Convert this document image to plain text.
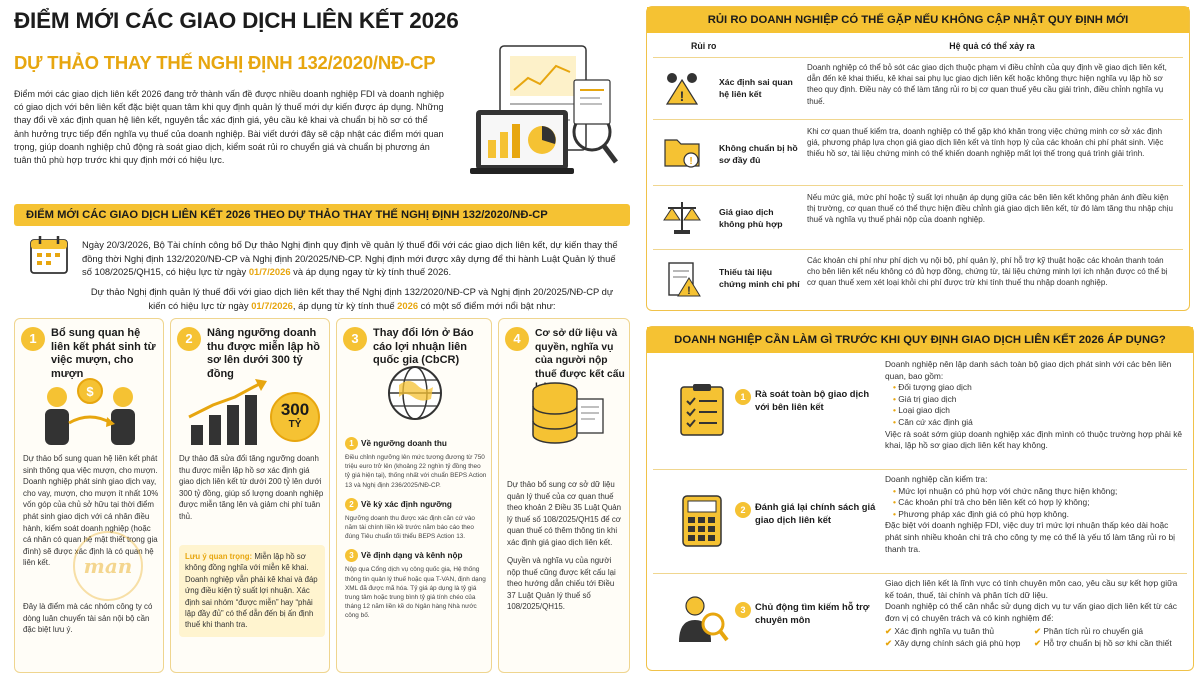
ĐIỂM MỚI CÁC GIAO DỊCH LIÊN KẾT 2026
DỰ THẢO THAY THẾ NGHỊ ĐỊNH 132/2020/NĐ-CP
Điểm mới các giao dịch liên kết 2026 đang trở thành vấn đề được nhiều doanh nghiệp FDI và doanh nghiệp có giao dịch với bên liên kết đặc biệt quan tâm khi quy định quản lý thuế mới dự kiến được áp dụng. Những thay đổi về xác định quan hệ liên kết, nguyên tắc xác định giá, yêu cầu kê khai và chuẩn bị hồ sơ có thể ảnh hưởng trực tiếp đến nghĩa vụ thuế của doanh nghiệp. Bài viết dưới đây sẽ cập nhật các điểm mới quan trọng, giúp doanh nghiệp chủ động rà soát giao dịch, kiểm soát rủi ro chuyển giá và chuẩn bị phương án tuân thủ phù hợp trước khi quy định mới có hiệu lực.
ĐIỂM MỚI CÁC GIAO DỊCH LIÊN KẾT 2026 THEO DỰ THẢO THAY THẾ NGHỊ ĐỊNH 132/2020/NĐ-CP
Ngày 20/3/2026, Bộ Tài chính công bố Dự thảo Nghị định quy định về quản lý thuế đối với các giao dịch liên kết, dự kiến thay thế đồng thời Nghị định 132/2020/NĐ-CP và Nghị định 20/2025/NĐ-CP. Nghị định mới được xây dựng để thi hành Luật Quản lý thuế số 108/2025/QH15, có hiệu lực từ ngày 01/7/2026 và áp dụng ngay từ kỳ tính thuế 2026.
Dự thảo Nghị định quản lý thuế đối với giao dịch liên kết thay thế Nghị định 132/2020/NĐ-CP và Nghị định 20/2025/NĐ-CP dự kiến có hiệu lực từ ngày 01/7/2026, áp dụng từ kỳ tính thuế 2026 có một số điểm mới nổi bật như:
1	Bổ sung quan hệ liên kết phát sinh từ việc mượn, cho mượn
$
Dự thảo bổ sung quan hệ liên kết phát sinh thông qua việc mượn, cho mượn. Doanh nghiệp phát sinh giao dịch vay, cho vay, mượn, cho mượn ít nhất 10% vốn góp của chủ sở hữu tại thời điểm phát sinh giao dịch với cá nhân điều hành, kiểm soát doanh nghiệp (hoặc cá nhân có quan hệ mật thiết trong gia đình) sẽ được xác định là có quan hệ liên kết.
Đây là điểm mà các nhóm công ty có dòng luân chuyển tài sản nội bộ cần đặc biệt lưu ý.
man
2	Nâng ngưỡng doanh thu được miễn lập hồ sơ lên dưới 300 tỷ đồng
300
TỶ
Dự thảo đã sửa đổi tăng ngưỡng doanh thu được miễn lập hồ sơ xác định giá giao dịch liên kết từ dưới 200 tỷ lên dưới 300 tỷ đồng, giúp số lượng doanh nghiệp được miễn tăng lên và giảm chi phí tuân thủ.
Lưu ý quan trọng: Miễn lập hồ sơ không đồng nghĩa với miễn kê khai. Doanh nghiệp vẫn phải kê khai và đáp ứng điều kiện tỷ suất lợi nhuận. Xác định sai nhóm “được miễn” hay “phải lập đầy đủ” có thể dẫn đến bị ấn định thuế khi thanh tra.
3	Thay đổi lớn ở Báo cáo lợi nhuận liên quốc gia (CbCR)
1 Về ngưỡng doanh thu
Điều chỉnh ngưỡng lên mức tương đương từ 750 triệu euro trở lên (khoảng 22 nghìn tỷ đồng theo tỷ giá hiện tại), thống nhất với chuẩn BEPS Action 13 và Nghị định 236/2025/NĐ-CP.
2 Về kỳ xác định ngưỡng
Ngưỡng doanh thu được xác định căn cứ vào năm tài chính liền kề trước năm báo cáo theo đúng Tiêu chuẩn tối thiểu BEPS Action 13.
3 Về định dạng và kênh nộp
Nộp qua Cổng dịch vụ công quốc gia, Hệ thống thông tin quản lý thuế hoặc qua T-VAN, định dạng XML đã được mã hóa. Tỷ giá áp dụng là tỷ giá trung tâm hoặc trung bình tỷ giá tính chéo của tháng 12 năm liền kề do Ngân hàng Nhà nước công bố.
4	Cơ sở dữ liệu và quyền, nghĩa vụ của người nộp thuế được kết cấu
Dự thảo bổ sung cơ sở dữ liệu quản lý thuế của cơ quan thuế theo khoản 2 Điều 35 Luật Quản lý thuế số 108/2025/QH15 để cơ quan thuế có thêm thông tin khi xác định giá giao dịch liên kết.
Quyền và nghĩa vụ của người nộp thuế cũng được kết cấu lại theo hướng dẫn chiếu tới Điều 37 Luật Quản lý thuế số 108/2025/QH15.
RỦI RO DOANH NGHIỆP CÓ THỂ GẶP NẾU KHÔNG CẬP NHẬT QUY ĐỊNH MỚI
Rủi ro	Hệ quả có thể xảy ra
!
Xác định sai quan hệ liên kết
Doanh nghiệp có thể bỏ sót các giao dịch thuộc phạm vi điều chỉnh của quy định về giao dịch liên kết, dẫn đến kê khai thiếu, kê khai sai phụ lục giao dịch liên kết hoặc không thực hiện nghĩa vụ lập hồ sơ theo quy định. Điều này có thể làm tăng rủi ro bị cơ quan thuế yêu cầu giải trình, điều chỉnh nghĩa vụ thuế.
!
Không chuẩn bị hồ sơ đầy đủ
Khi cơ quan thuế kiểm tra, doanh nghiệp có thể gặp khó khăn trong việc chứng minh cơ sở xác định giá, phương pháp lựa chọn giá giao dịch liên kết và tính hợp lý của các khoản chi phí phát sinh. Việc thiếu hồ sơ, tài liệu chứng minh có thể khiến doanh nghiệp mất lợi thế trong quá trình giải trình.
Giá giao dịch không phù hợp
Nếu mức giá, mức phí hoặc tỷ suất lợi nhuận áp dụng giữa các bên liên kết không phản ánh điều kiện thị trường, cơ quan thuế có thể thực hiện điều chỉnh giá giao dịch liên kết, từ đó làm tăng thu nhập chịu thuế và nghĩa vụ thuế phải nộp của doanh nghiệp.
!
Thiếu tài liệu chứng minh chi phí
Các khoản chi phí như phí dịch vụ nội bộ, phí quản lý, phí hỗ trợ kỹ thuật hoặc các khoản thanh toán cho bên liên kết nếu không có đủ hợp đồng, chứng từ, tài liệu chứng minh lợi ích nhận được có thể bị cơ quan thuế xem xét loại khỏi chi phí được trừ khi tính thuế thu nhập doanh nghiệp.
DOANH NGHIỆP CẦN LÀM GÌ TRƯỚC KHI QUY ĐỊNH GIAO DỊCH LIÊN KẾT 2026 ÁP DỤNG?
1	Rà soát toàn bộ giao dịch với bên liên kết
Doanh nghiệp nên lập danh sách toàn bộ giao dịch phát sinh với các bên liên quan, bao gồm:
• Đối tượng giao dịch
• Giá trị giao dịch
• Loại giao dịch
• Căn cứ xác định giá
Việc rà soát sớm giúp doanh nghiệp xác định mình có thuộc trường hợp phải kê khai, lập hồ sơ giao dịch liên kết hay không.
2	Đánh giá lại chính sách giá giao dịch liên kết
Doanh nghiệp cần kiểm tra:
• Mức lợi nhuận có phù hợp với chức năng thực hiện không;
• Các khoản phí trả cho bên liên kết có hợp lý không;
• Phương pháp xác định giá có phù hợp không.
Đặc biệt với doanh nghiệp FDI, việc duy trì mức lợi nhuận thấp kéo dài hoặc phát sinh nhiều khoản chi trả cho công ty mẹ có thể là yếu tố làm tăng rủi ro bị thanh tra.
3	Chủ động tìm kiếm hỗ trợ chuyên môn
Giao dịch liên kết là lĩnh vực có tính chuyên môn cao, yêu cầu sự kết hợp giữa kế toán, thuế, tài chính và phân tích dữ liệu.
Doanh nghiệp có thể cân nhắc sử dụng dịch vụ tư vấn giao dịch liên kết từ các đơn vị có chuyên trách và có kinh nghiệm để:
✔ Xác định nghĩa vụ tuân thủ	✔ Phân tích rủi ro chuyển giá
✔ Xây dựng chính sách giá phù hợp	✔ Hỗ trợ chuẩn bị hồ sơ khi cần thiết
